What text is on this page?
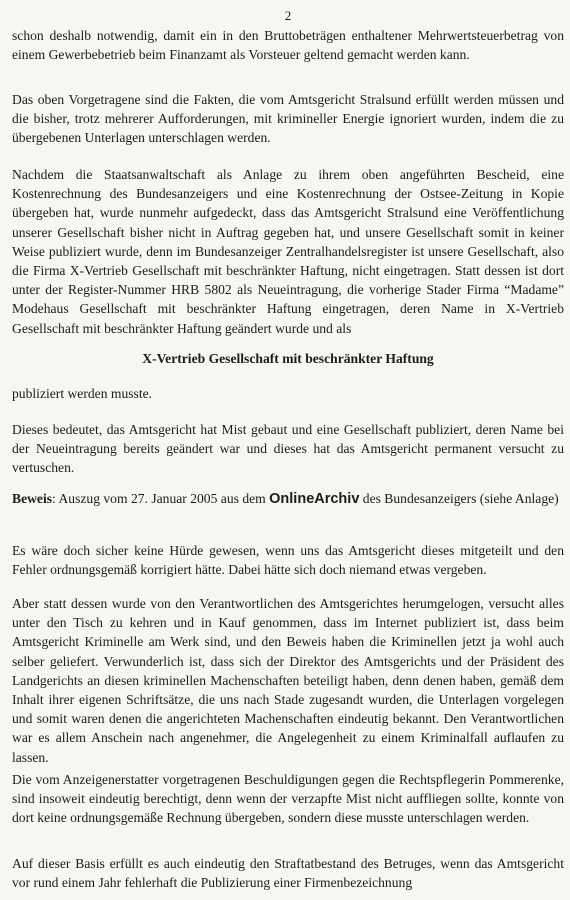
2

schon deshalb notwendig, damit ein in den Bruttobeträgen enthaltener Mehrwertsteuerbetrag von einem Gewerbebetrieb beim Finanzamt als Vorsteuer geltend gemacht werden kann.

Das oben Vorgetragene sind die Fakten, die vom Amtsgericht Stralsund erfüllt werden müssen und die bisher, trotz mehrerer Aufforderungen, mit krimineller Energie ignoriert wurden, indem die zu übergebenen Unterlagen unterschlagen werden.

Nachdem die Staatsanwaltschaft als Anlage zu ihrem oben angeführten Bescheid, eine Kostenrechnung des Bundesanzeigers und eine Kostenrechnung der Ostsee-Zeitung in Kopie übergeben hat, wurde nunmehr aufgedeckt, dass das Amtsgericht Stralsund eine Veröffentlichung unserer Gesellschaft bisher nicht in Auftrag gegeben hat, und unsere Gesellschaft somit in keiner Weise publiziert wurde, denn im Bundesanzeiger Zentralhandelsregister ist unsere Gesellschaft, also die Firma X-Vertrieb Gesellschaft mit beschränkter Haftung, nicht eingetragen. Statt dessen ist dort unter der Register-Nummer HRB 5802 als Neueintragung, die vorherige Stader Firma “Madame” Modehaus Gesellschaft mit beschränkter Haftung eingetragen, deren Name in X-Vertrieb Gesellschaft mit beschränkter Haftung geändert wurde und als

X-Vertrieb Gesellschaft mit beschränkter Haftung

publiziert werden musste.

Dieses bedeutet, das Amtsgericht hat Mist gebaut und eine Gesellschaft publiziert, deren Name bei der Neueintragung bereits geändert war und dieses hat das Amtsgericht permanent versucht zu vertuschen.

Beweis: Auszug vom 27. Januar 2005 aus dem OnlineArchiv des Bundesanzeigers (siehe Anlage)

Es wäre doch sicher keine Hürde gewesen, wenn uns das Amtsgericht dieses mitgeteilt und den Fehler ordnungsgemäß korrigiert hätte. Dabei hätte sich doch niemand etwas vergeben.

Aber statt dessen wurde von den Verantwortlichen des Amtsgerichtes herumgelogen, versucht alles unter den Tisch zu kehren und in Kauf genommen, dass im Internet publiziert ist, dass beim Amtsgericht Kriminelle am Werk sind, und den Beweis haben die Kriminellen jetzt ja wohl auch selber geliefert. Verwunderlich ist, dass sich der Direktor des Amtsgerichts und der Präsident des Landgerichts an diesen kriminellen Machenschaften beteiligt haben, denn denen haben, gemäß dem Inhalt ihrer eigenen Schriftsätze, die uns nach Stade zugesandt wurden, die Unterlagen vorgelegen und somit waren denen die angerichteten Machenschaften eindeutig bekannt. Den Verantwortlichen war es allem Anschein nach angenehmer, die Angelegenheit zu einem Kriminalfall auflaufen zu lassen.

Die vom Anzeigenerstatter vorgetragenen Beschuldigungen gegen die Rechtspflegerin Pommerenke, sind insoweit eindeutig berechtigt, denn wenn der verzapfte Mist nicht auffliegen sollte, konnte von dort keine ordnungsgemäße Rechnung übergeben, sondern diese musste unterschlagen werden.

Auf dieser Basis erfüllt es auch eindeutig den Straftatbestand des Betruges, wenn das Amtsgericht vor rund einem Jahr fehlerhaft die Publizierung einer Firmenbezeichnung
